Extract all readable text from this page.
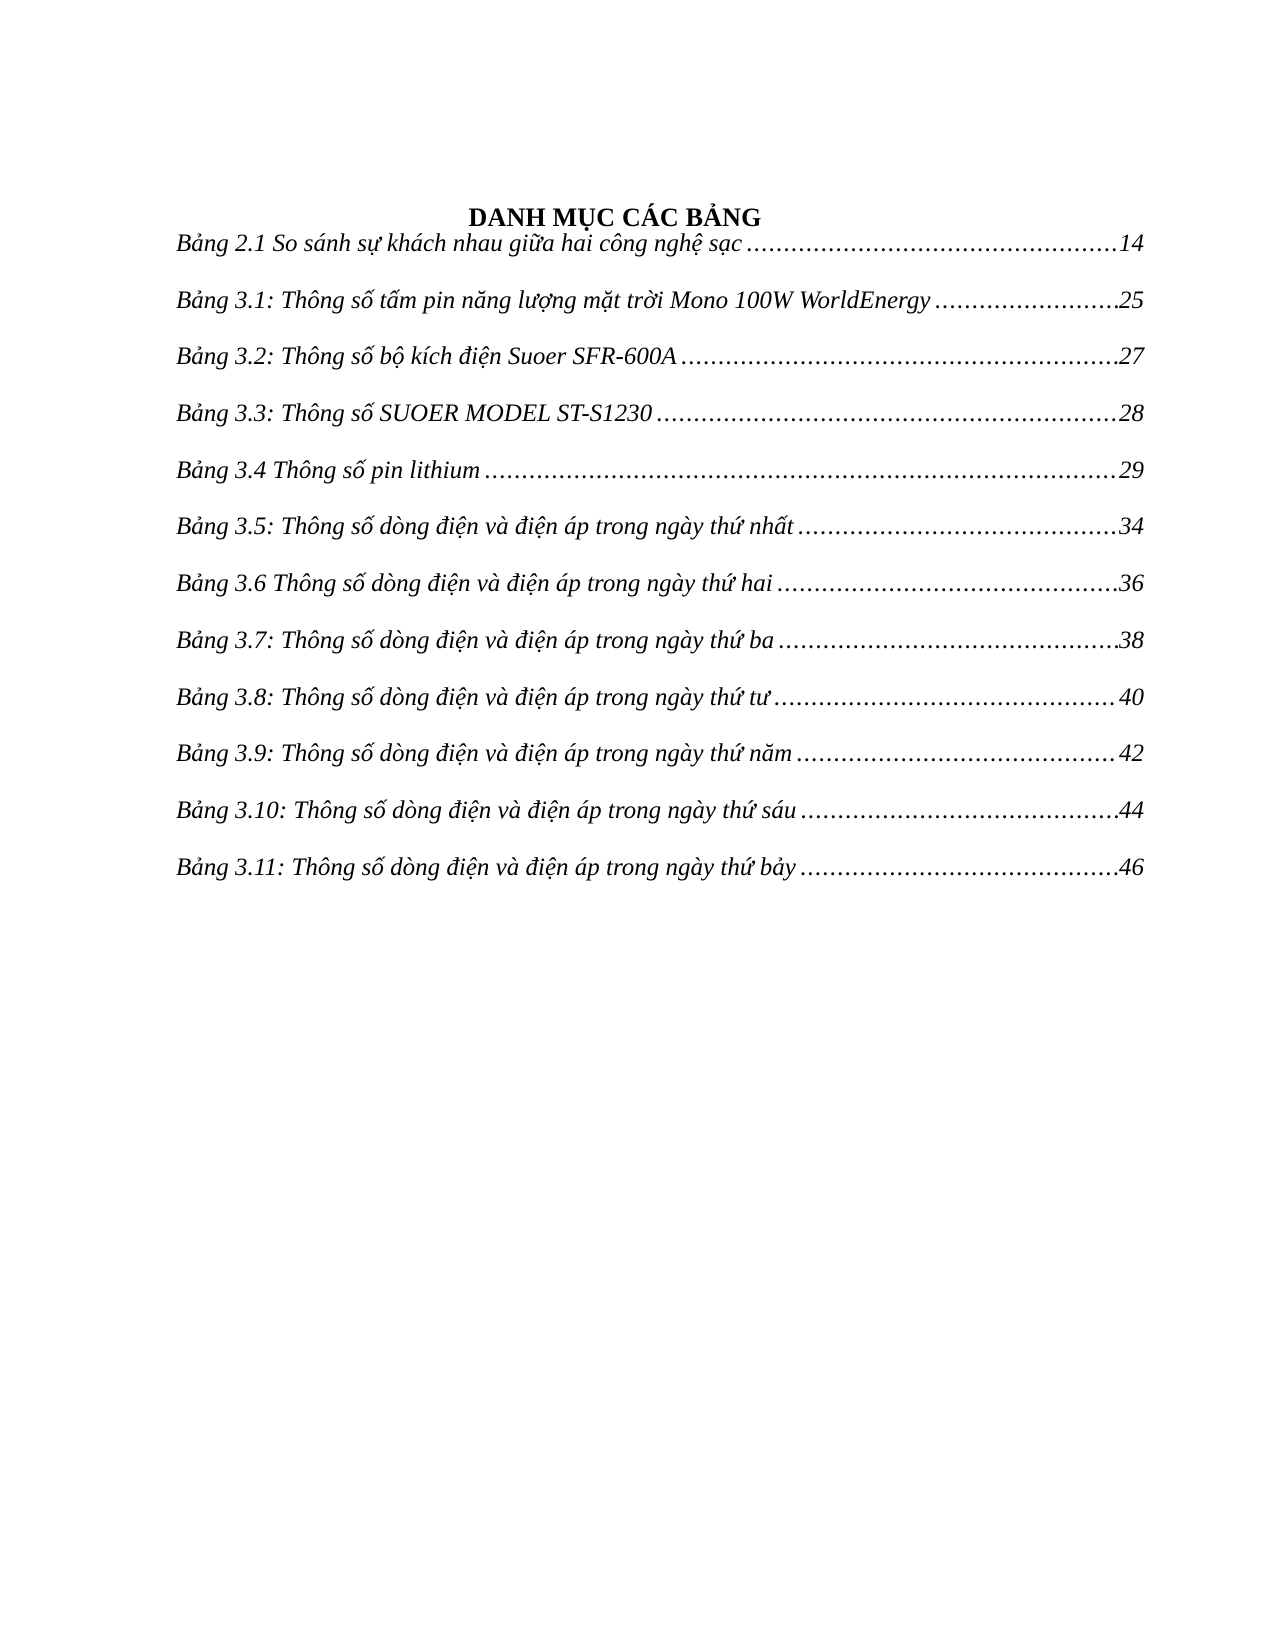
DANH MỤC CÁC BẢNG
Bảng 2.1 So sánh sự khách nhau giữa hai công nghệ sạc .....	14
Bảng 3.1: Thông số tấm pin năng lượng mặt trời Mono 100W WorldEnergy .....	25
Bảng 3.2: Thông số bộ kích điện Suoer SFR-600A .....	27
Bảng 3.3: Thông số SUOER MODEL ST-S1230 .....	28
Bảng 3.4 Thông số pin lithium .....	29
Bảng 3.5: Thông số dòng điện và điện áp trong ngày thứ nhất .....	34
Bảng 3.6 Thông số dòng điện và điện áp trong ngày thứ hai .....	36
Bảng 3.7: Thông số dòng điện và điện áp trong ngày thứ ba .....	38
Bảng 3.8: Thông số dòng điện và điện áp trong ngày thứ tư .....	40
Bảng 3.9: Thông số dòng điện và điện áp trong ngày thứ năm .....	42
Bảng 3.10: Thông số dòng điện và điện áp trong ngày thứ sáu .....	44
Bảng 3.11: Thông số dòng điện và điện áp trong ngày thứ bảy .....	46
